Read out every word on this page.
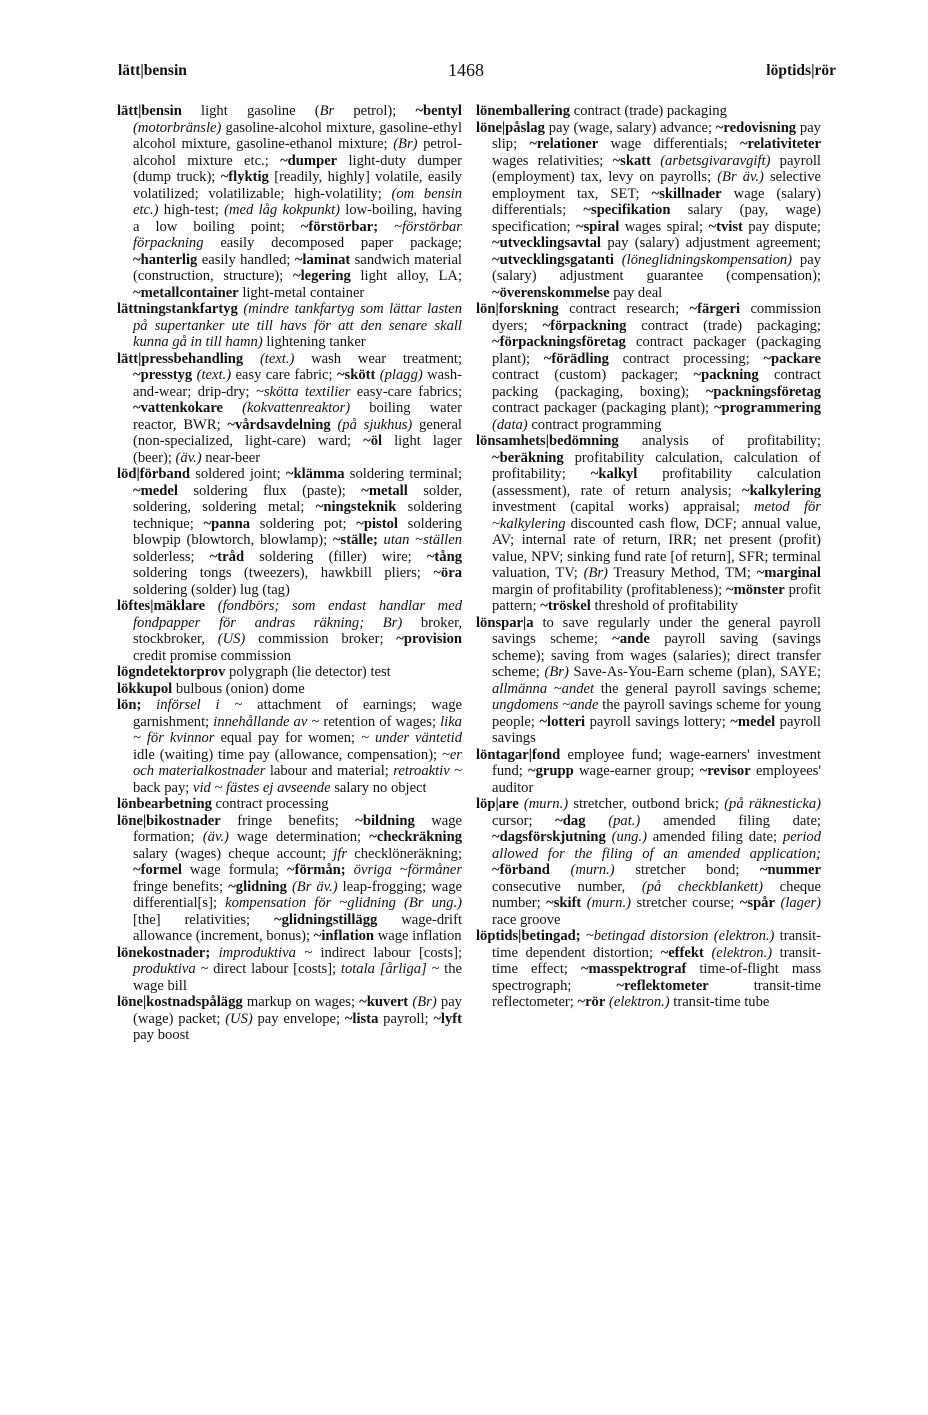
lätt|bensin	1468	löptids|rör

lätt|bensin light gasoline (Br petrol); ~bentyl (motorbränsle) gasoline-alcohol mixture, gasoline-ethyl alcohol mixture, gasoline-ethanol mixture; (Br) petrol-alcohol mixture etc.; ~dumper light-duty dumper (dump truck); ~flyktig [readily, highly] volatile, easily volatilized; volatilizable; high-volatility; (om bensin etc.) high-test; (med låg kokpunkt) low-boiling, having a low boiling point; ~förstörbar; ~förstörbar förpackning easily decomposed paper package; ~hanterlig easily handled; ~laminat sandwich material (construction, structure); ~legering light alloy, LA; ~metallcontainer light-metal container

lättningstankfartyg (mindre tankfartyg som lättar lasten på supertanker ute till havs för att den senare skall kunna gå in till hamn) lightening tanker

lätt|pressbehandling (text.) wash wear treatment; ~presstyg (text.) easy care fabric; ~skött (plagg) wash-and-wear; drip-dry; ~skötta textilier easy-care fabrics; ~vattenkokare (kokvattenreaktor) boiling water reactor, BWR; ~vårdsavdelning (på sjukhus) general (non-specialized, light-care) ward; ~öl light lager (beer); (äv.) near-beer

löd|förband soldered joint; ~klämma soldering terminal; ~medel soldering flux (paste); ~metall solder, soldering, soldering metal; ~ningsteknik soldering technique; ~panna soldering pot; ~pistol soldering blowpip (blowtorch, blowlamp); ~ställe; utan ~ställen solderless; ~tråd soldering (filler) wire; ~tång soldering tongs (tweezers), hawkbill pliers; ~öra soldering (solder) lug (tag)

löftes|mäklare (fondbörs; som endast handlar med fondpapper för andras räkning; Br) broker, stockbroker, (US) commission broker; ~provision credit promise commission

lögndetektorprov polygraph (lie detector) test

lökkupol bulbous (onion) dome

lön; införsel i ~ attachment of earnings; wage garnishment; innehållande av ~ retention of wages; lika ~ för kvinnor equal pay for women; ~ under väntetid idle (waiting) time pay (allowance, compensation); ~er och materialkostnader labour and material; retroaktiv ~ back pay; vid ~ fästes ej avseende salary no object

lönbearbetning contract processing

löne|bikostnader fringe benefits; ~bildning wage formation; (äv.) wage determination; ~checkräkning salary (wages) cheque account; jfr checklöneräkning; ~formel wage formula; ~förmån; övriga ~förmåner fringe benefits; ~glidning (Br äv.) leap-frogging; wage differential[s]; kompensation för ~glidning (Br ung.) [the] relativities; ~glidningstillägg wage-drift allowance (increment, bonus); ~inflation wage inflation

lönekostnader; improduktiva ~ indirect labour [costs]; produktiva ~ direct labour [costs]; totala [årliga] ~ the wage bill

löne|kostnadspålägg markup on wages; ~kuvert (Br) pay (wage) packet; (US) pay envelope; ~lista payroll; ~lyft pay boost

lönemballering contract (trade) packaging

löne|påslag pay (wage, salary) advance; ~redovisning pay slip; ~relationer wage differentials; ~relativiteter wages relativities; ~skatt (arbetsgivaravgift) payroll (employment) tax, levy on payrolls; (Br äv.) selective employment tax, SET; ~skillnader wage (salary) differentials; ~specifikation salary (pay, wage) specification; ~spiral wages spiral; ~tvist pay dispute; ~utvecklingsavtal pay (salary) adjustment agreement; ~utvecklingsgatanti (löneglidningskompensation) pay (salary) adjustment guarantee (compensation); ~överenskommelse pay deal

lön|forskning contract research; ~färgeri commission dyers; ~förpackning contract (trade) packaging; ~förpackningsföretag contract packager (packaging plant); ~förädling contract processing; ~packare contract (custom) packager; ~packning contract packing (packaging, boxing); ~packningsföretag contract packager (packaging plant); ~programmering (data) contract programming

lönsamhets|bedömning analysis of profitability; ~beräkning profitability calculation, calculation of profitability; ~kalkyl profitability calculation (assessment), rate of return analysis; ~kalkylering investment (capital works) appraisal; metod för ~kalkylering discounted cash flow, DCF; annual value, AV; internal rate of return, IRR; net present (profit) value, NPV; sinking fund rate [of return], SFR; terminal valuation, TV; (Br) Treasury Method, TM; ~marginal margin of profitability (profitableness); ~mönster profit pattern; ~tröskel threshold of profitability

lönspar|a to save regularly under the general payroll savings scheme; ~ande payroll saving (savings scheme); saving from wages (salaries); direct transfer scheme; (Br) Save-As-You-Earn scheme (plan), SAYE; allmänna ~andet the general payroll savings scheme; ungdomens ~ande the payroll savings scheme for young people; ~lotteri payroll savings lottery; ~medel payroll savings

löntagar|fond employee fund; wage-earners' investment fund; ~grupp wage-earner group; ~revisor employees' auditor

löp|are (murn.) stretcher, outbond brick; (på räknesticka) cursor; ~dag (pat.) amended filing date; ~dagsförskjutning (ung.) amended filing date; period allowed for the filing of an amended application; ~förband (murn.) stretcher bond; ~nummer consecutive number, (på checkblankett) cheque number; ~skift (murn.) stretcher course; ~spår (lager) race groove

löptids|betingad; ~betingad distorsion (elektron.) transit-time dependent distortion; ~effekt (elektron.) transit-time effect; ~masspektrograf time-of-flight mass spectrograph; ~reflektometer transit-time reflectometer; ~rör (elektron.) transit-time tube
